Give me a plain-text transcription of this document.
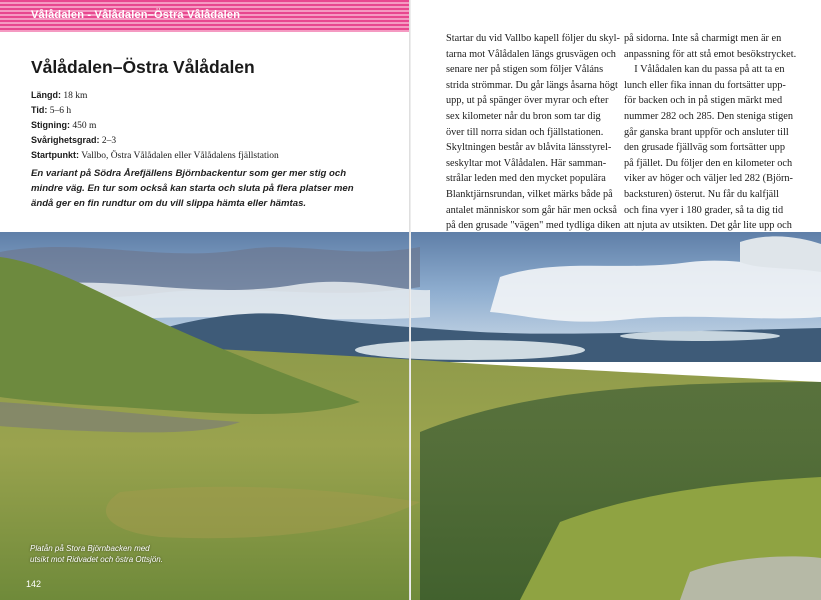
Vålådalen - Vålådalen–Östra Vålådalen
Vålådalen–Östra Vålådalen
Längd: 18 km
Tid: 5–6 h
Stigning: 450 m
Svårighetsgrad: 2–3
Startpunkt: Vallbo, Östra Vålådalen eller Vålådalens fjällstation
En variant på Södra Årefjällens Björnbackentur som ger mer stig och
mindre väg. En tur som också kan starta och sluta på flera platser men
ändå ger en fin rundtur om du vill slippa hämta eller hämtas.
Startar du vid Vallbo kapell följer du skyl-
tarna mot Vålådalen längs grusvägen och
senare ner på stigen som följer Våláns
strida strömmar. Du går längs åsarna högt
upp, ut på spänger över myrar och efter
sex kilometer når du bron som tar dig
över till norra sidan och fjällstationen.
Skyltningen består av blåvita länsstyrel-
seskyltar mot Vålådalen. Här samman-
strålar leden med den mycket populära
Blanktjärnsrundan, vilket märks både på
antalet människor som går här men också
på den grusade "vägen" med tydliga diken
på sidorna. Inte så charmigt men är en
anpassning för att stå emot besökstrycket.
I Vålådalen kan du passa på att ta en
lunch eller fika innan du fortsätter upp-
för backen och in på stigen märkt med
nummer 282 och 285. Den steniga stigen
går ganska brant uppför och ansluter till
den grusade fjällväg som fortsätter upp
på fjället. Du följer den en kilometer och
viker av höger och väljer led 282 (Björn-
backsturen) österut. Nu får du kalfjäll
och fina vyer i 180 grader, så ta dig tid
att njuta av utsikten. Det går lite upp och
Platån på Stora Björnbacken med
utsikt mot Ridvadet och östra Ottsjön.
142
